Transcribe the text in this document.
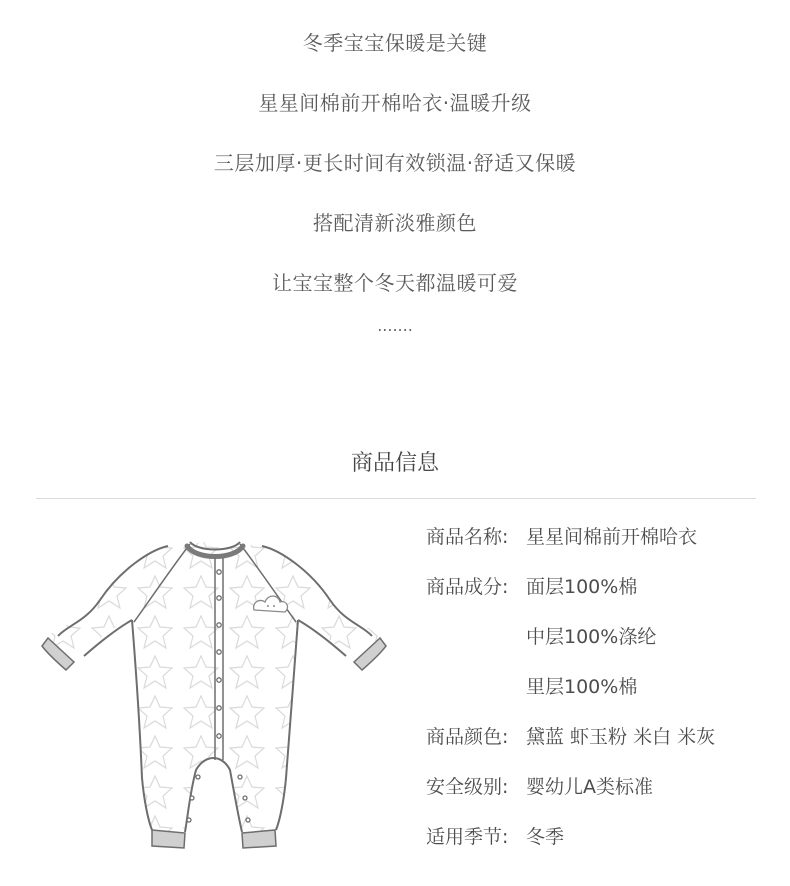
冬季宝宝保暖是关键
星星间棉前开棉哈衣·温暖升级
三层加厚·更长时间有效锁温·舒适又保暖
搭配清新淡雅颜色
让宝宝整个冬天都温暖可爱
.......
商品信息
商品名称: 星星间棉前开棉哈衣
商品成分: 面层100%棉
中层100%涤纶
里层100%棉
商品颜色: 黛蓝 虾玉粉 米白 米灰
安全级别: 婴幼儿A类标准
适用季节: 冬季
